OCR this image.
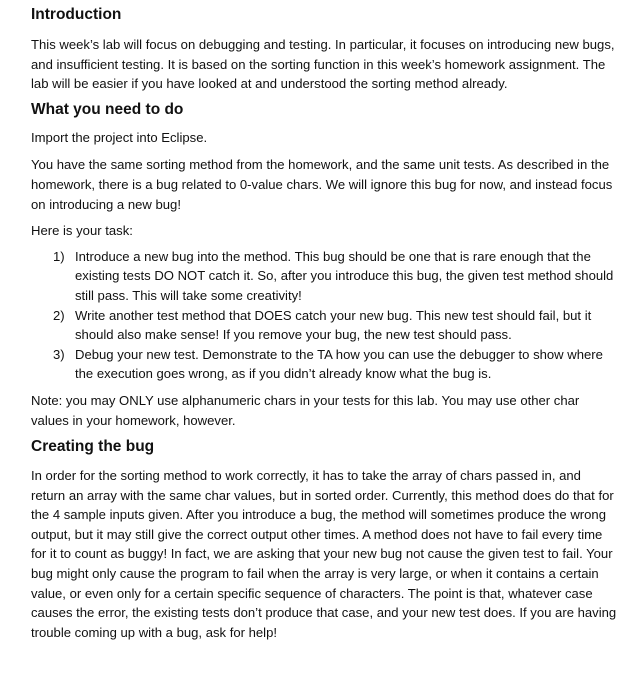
Introduction

This week’s lab will focus on debugging and testing. In particular, it focuses on introducing new bugs, and insufficient testing. It is based on the sorting function in this week’s homework assignment. The lab will be easier if you have looked at and understood the sorting method already.

What you need to do

Import the project into Eclipse.

You have the same sorting method from the homework, and the same unit tests. As described in the homework, there is a bug related to 0-value chars. We will ignore this bug for now, and instead focus on introducing a new bug!

Here is your task:

1) Introduce a new bug into the method. This bug should be one that is rare enough that the existing tests DO NOT catch it. So, after you introduce this bug, the given test method should still pass. This will take some creativity!
2) Write another test method that DOES catch your new bug. This new test should fail, but it should also make sense! If you remove your bug, the new test should pass.
3) Debug your new test. Demonstrate to the TA how you can use the debugger to show where the execution goes wrong, as if you didn’t already know what the bug is.

Note: you may ONLY use alphanumeric chars in your tests for this lab. You may use other char values in your homework, however.

Creating the bug

In order for the sorting method to work correctly, it has to take the array of chars passed in, and return an array with the same char values, but in sorted order. Currently, this method does do that for the 4 sample inputs given. After you introduce a bug, the method will sometimes produce the wrong output, but it may still give the correct output other times. A method does not have to fail every time for it to count as buggy! In fact, we are asking that your new bug not cause the given test to fail. Your bug might only cause the program to fail when the array is very large, or when it contains a certain value, or even only for a certain specific sequence of characters. The point is that, whatever case causes the error, the existing tests don’t produce that case, and your new test does. If you are having trouble coming up with a bug, ask for help!
